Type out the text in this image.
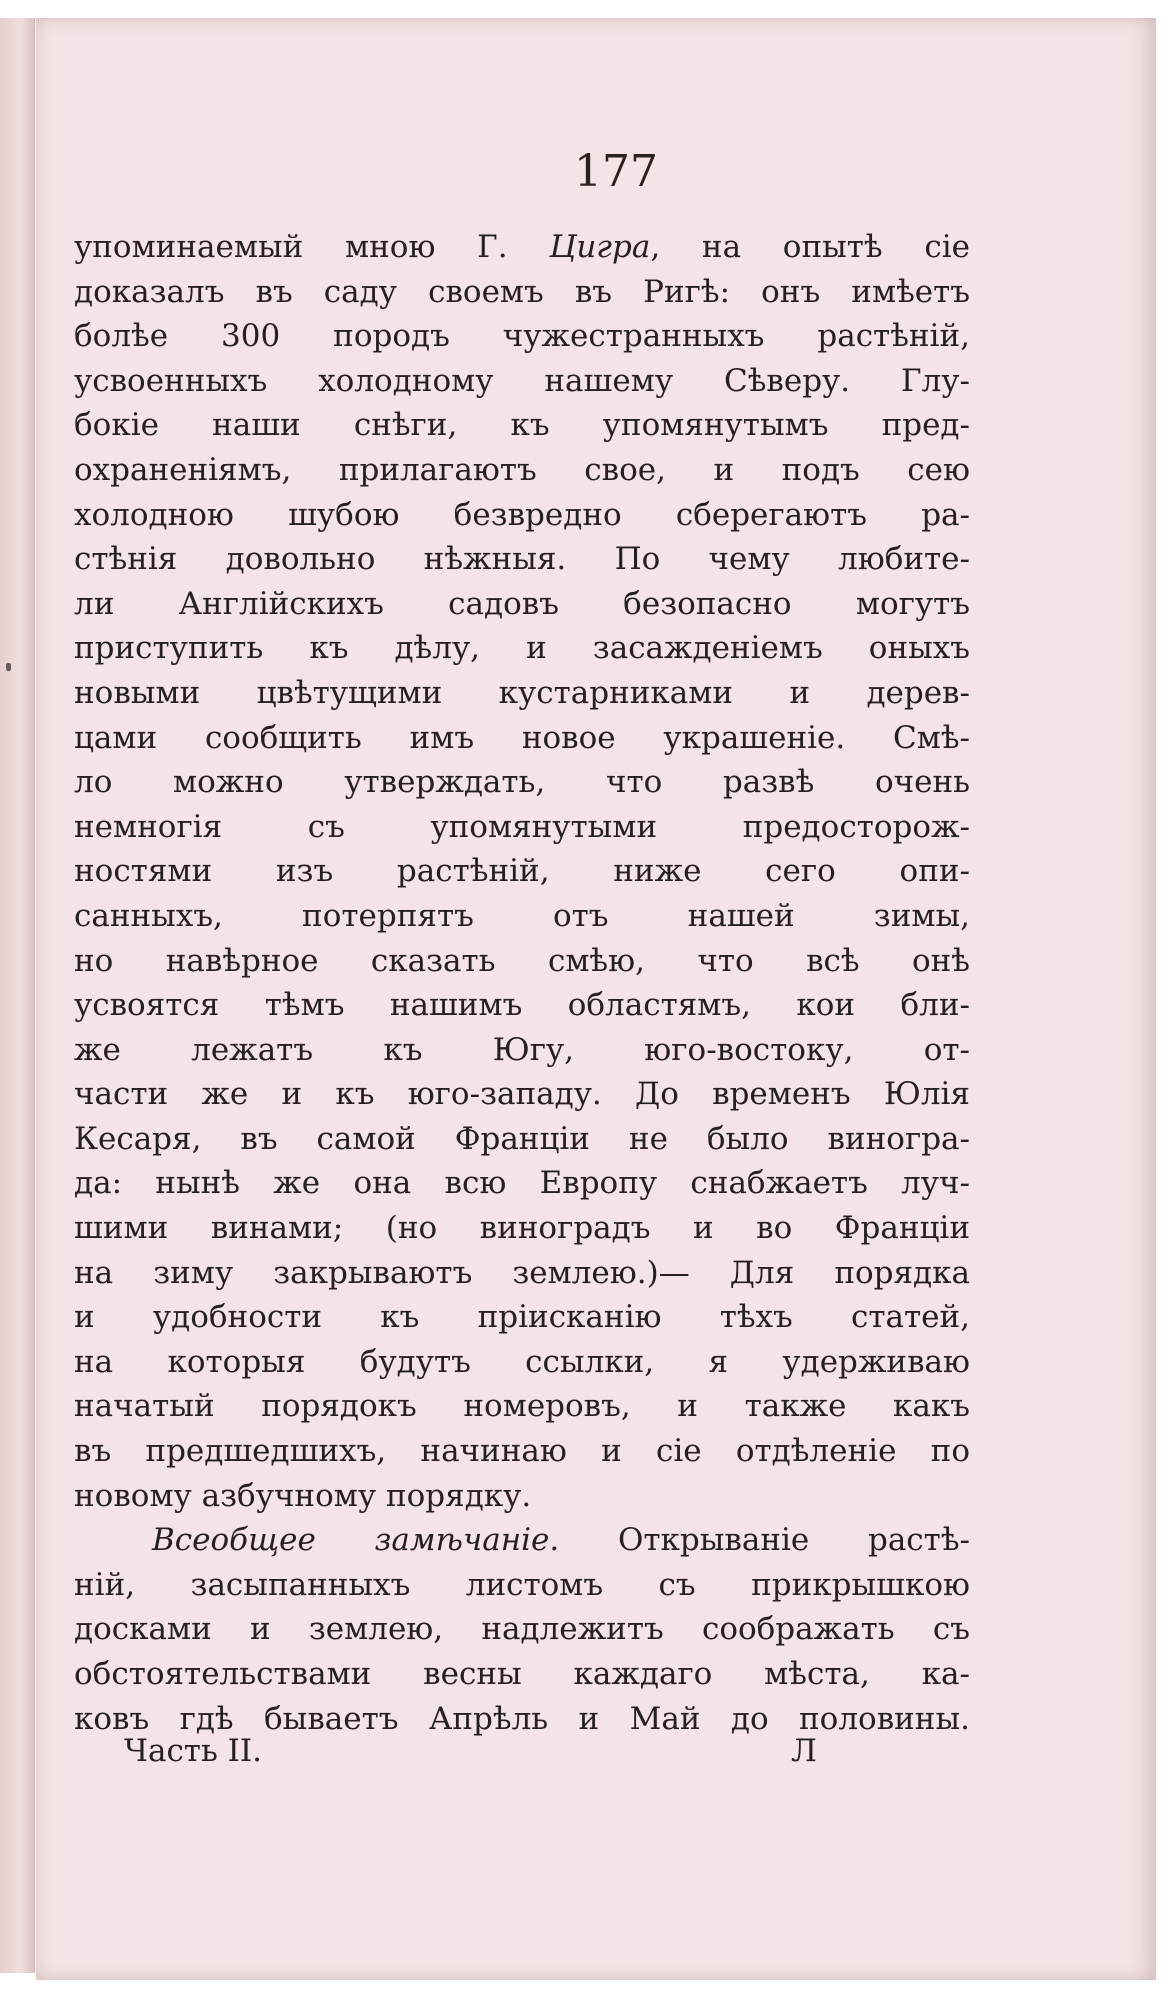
177
упоминаемый мною Г. Цигра, на опытѣ сіе
доказалъ въ саду своемъ въ Ригѣ: онъ имѣетъ
болѣе 300 породъ чужестранныхъ растѣній,
усвоенныхъ холодному нашему Сѣверу. Глу-
бокіе наши снѣги, къ упомянутымъ пред-
охраненіямъ, прилагаютъ свое, и подъ сею
холодною шубою безвредно сберегаютъ ра-
стѣнія довольно нѣжныя. По чему любите-
ли Англійскихъ садовъ безопасно могутъ
приступить къ дѣлу, и засажденіемъ оныхъ
новыми цвѣтущими кустарниками и дерев-
цами сообщить имъ новое украшеніе. Смѣ-
ло можно утверждать, что развѣ очень
немногія съ упомянутыми предосторож-
ностями изъ растѣній, ниже сего опи-
санныхъ, потерпятъ отъ нашей зимы,
но навѣрное сказать смѣю, что всѣ онѣ
усвоятся тѣмъ нашимъ областямъ, кои бли-
же лежатъ къ Югу, юго-востоку, от-
части же и къ юго-западу. До временъ Юлія
Кесаря, въ самой Франціи не было виногра-
да: нынѣ же она всю Европу снабжаетъ луч-
шими винами; (но виноградъ и во Франціи
на зиму закрываютъ землею.)— Для порядка
и удобности къ пріисканію тѣхъ статей,
на которыя будутъ ссылки, я удерживаю
начатый порядокъ номеровъ, и также какъ
въ предшедшихъ, начинаю и сіе отдѣленіе по
новому азбучному порядку.
Всеобщее замѣчаніе. Открываніе растѣ-
ній, засыпанныхъ листомъ съ прикрышкою
досками и землею, надлежитъ соображать съ
обстоятельствами весны каждаго мѣста, ка-
ковъ гдѣ бываетъ Апрѣль и Май до половины.
Часть II.	Л
